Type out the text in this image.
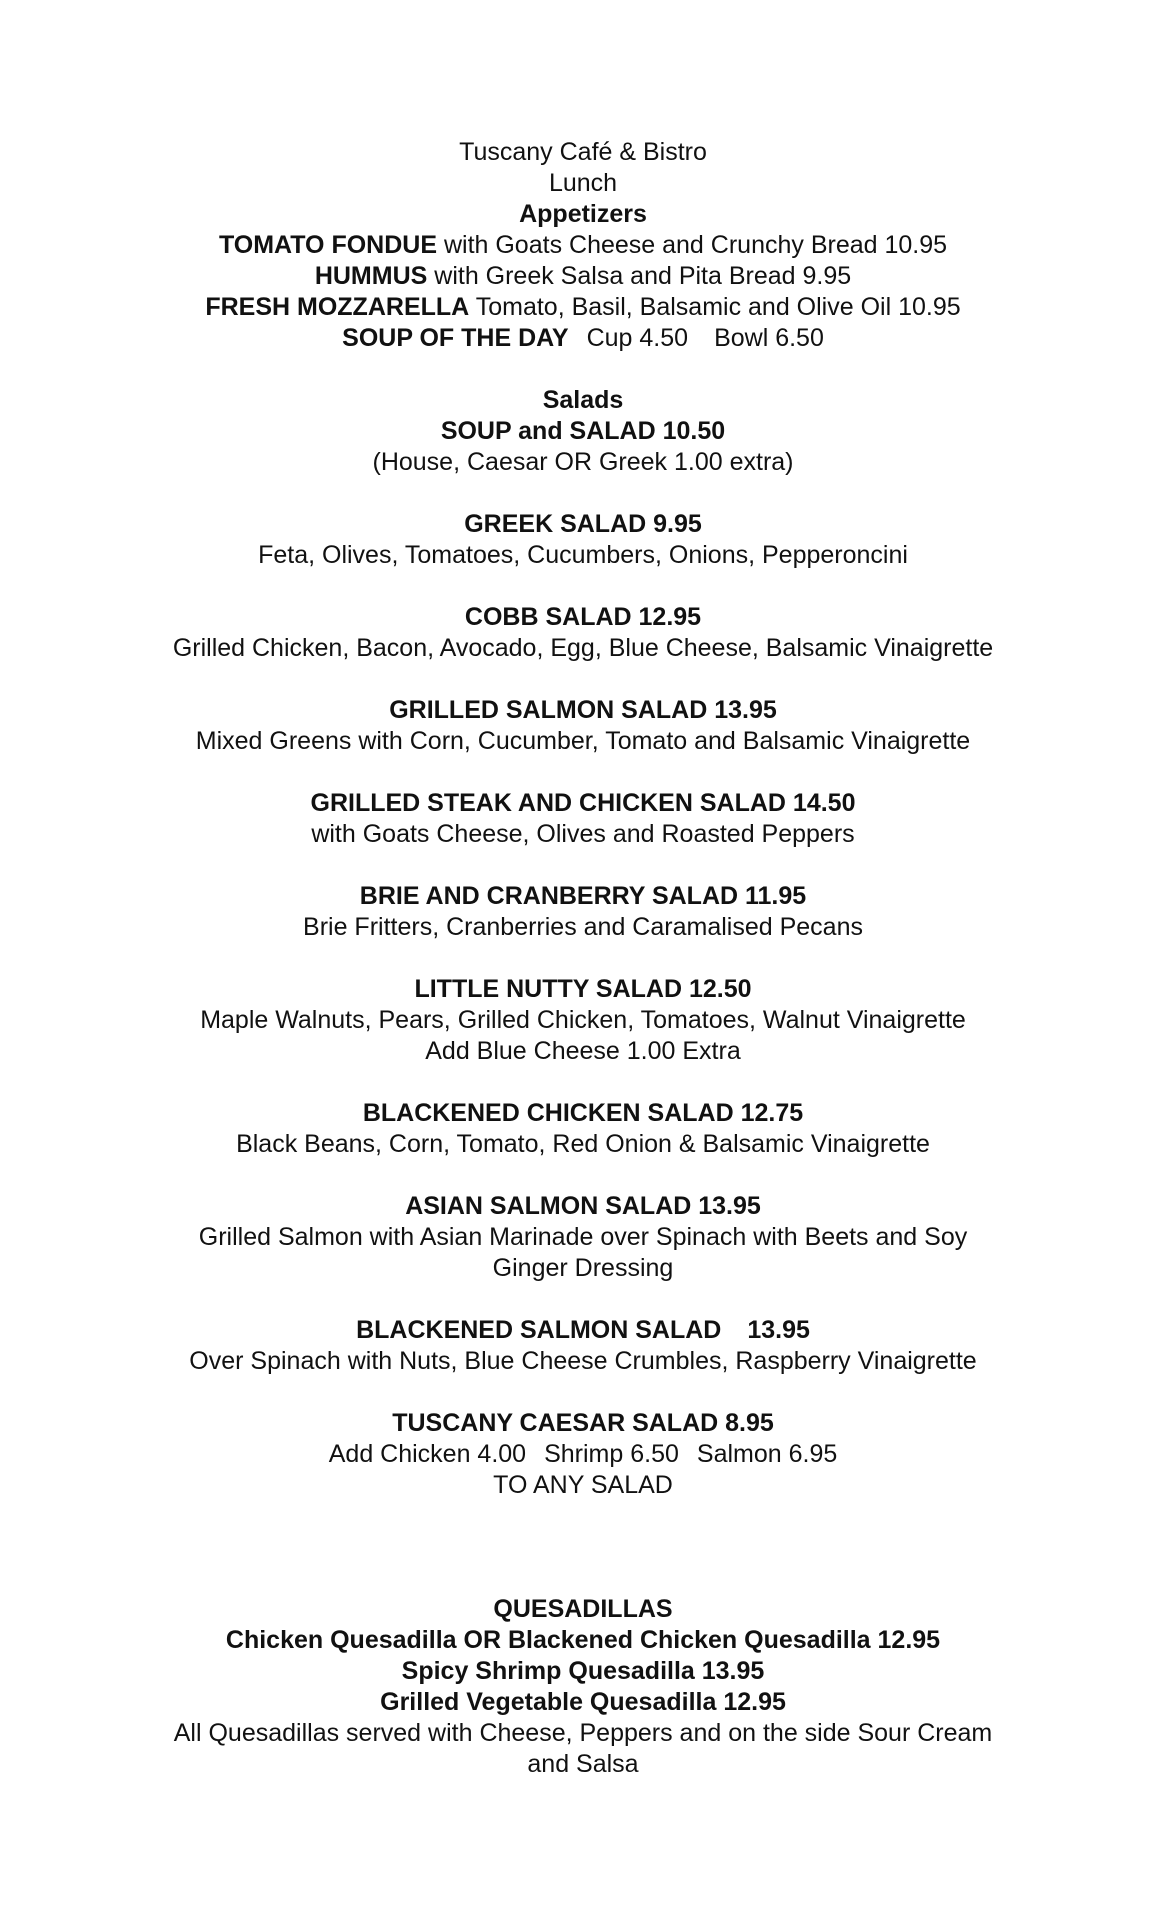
Tuscany Café & Bistro
Lunch
Appetizers
TOMATO FONDUE with Goats Cheese and Crunchy Bread 10.95
HUMMUS with Greek Salsa and Pita Bread 9.95
FRESH MOZZARELLA Tomato, Basil, Balsamic and Olive Oil 10.95
SOUP OF THE DAY Cup 4.50 Bowl 6.50
Salads
SOUP and SALAD 10.50
(House, Caesar OR Greek 1.00 extra)
GREEK SALAD 9.95
Feta, Olives, Tomatoes, Cucumbers, Onions, Pepperoncini
COBB SALAD 12.95
Grilled Chicken, Bacon, Avocado, Egg, Blue Cheese, Balsamic Vinaigrette
GRILLED SALMON SALAD 13.95
Mixed Greens with Corn, Cucumber, Tomato and Balsamic Vinaigrette
GRILLED STEAK AND CHICKEN SALAD 14.50
with Goats Cheese, Olives and Roasted Peppers
BRIE AND CRANBERRY SALAD 11.95
Brie Fritters, Cranberries and Caramalised Pecans
LITTLE NUTTY SALAD 12.50
Maple Walnuts, Pears, Grilled Chicken, Tomatoes, Walnut Vinaigrette
Add Blue Cheese 1.00 Extra
BLACKENED CHICKEN SALAD 12.75
Black Beans, Corn, Tomato, Red Onion & Balsamic Vinaigrette
ASIAN SALMON SALAD 13.95
Grilled Salmon with Asian Marinade over Spinach with Beets and Soy
Ginger Dressing
BLACKENED SALMON SALAD 13.95
Over Spinach with Nuts, Blue Cheese Crumbles, Raspberry Vinaigrette
TUSCANY CAESAR SALAD 8.95
Add Chicken 4.00 Shrimp 6.50 Salmon 6.95
TO ANY SALAD
QUESADILLAS
Chicken Quesadilla OR Blackened Chicken Quesadilla 12.95
Spicy Shrimp Quesadilla 13.95
Grilled Vegetable Quesadilla 12.95
All Quesadillas served with Cheese, Peppers and on the side Sour Cream and Salsa
